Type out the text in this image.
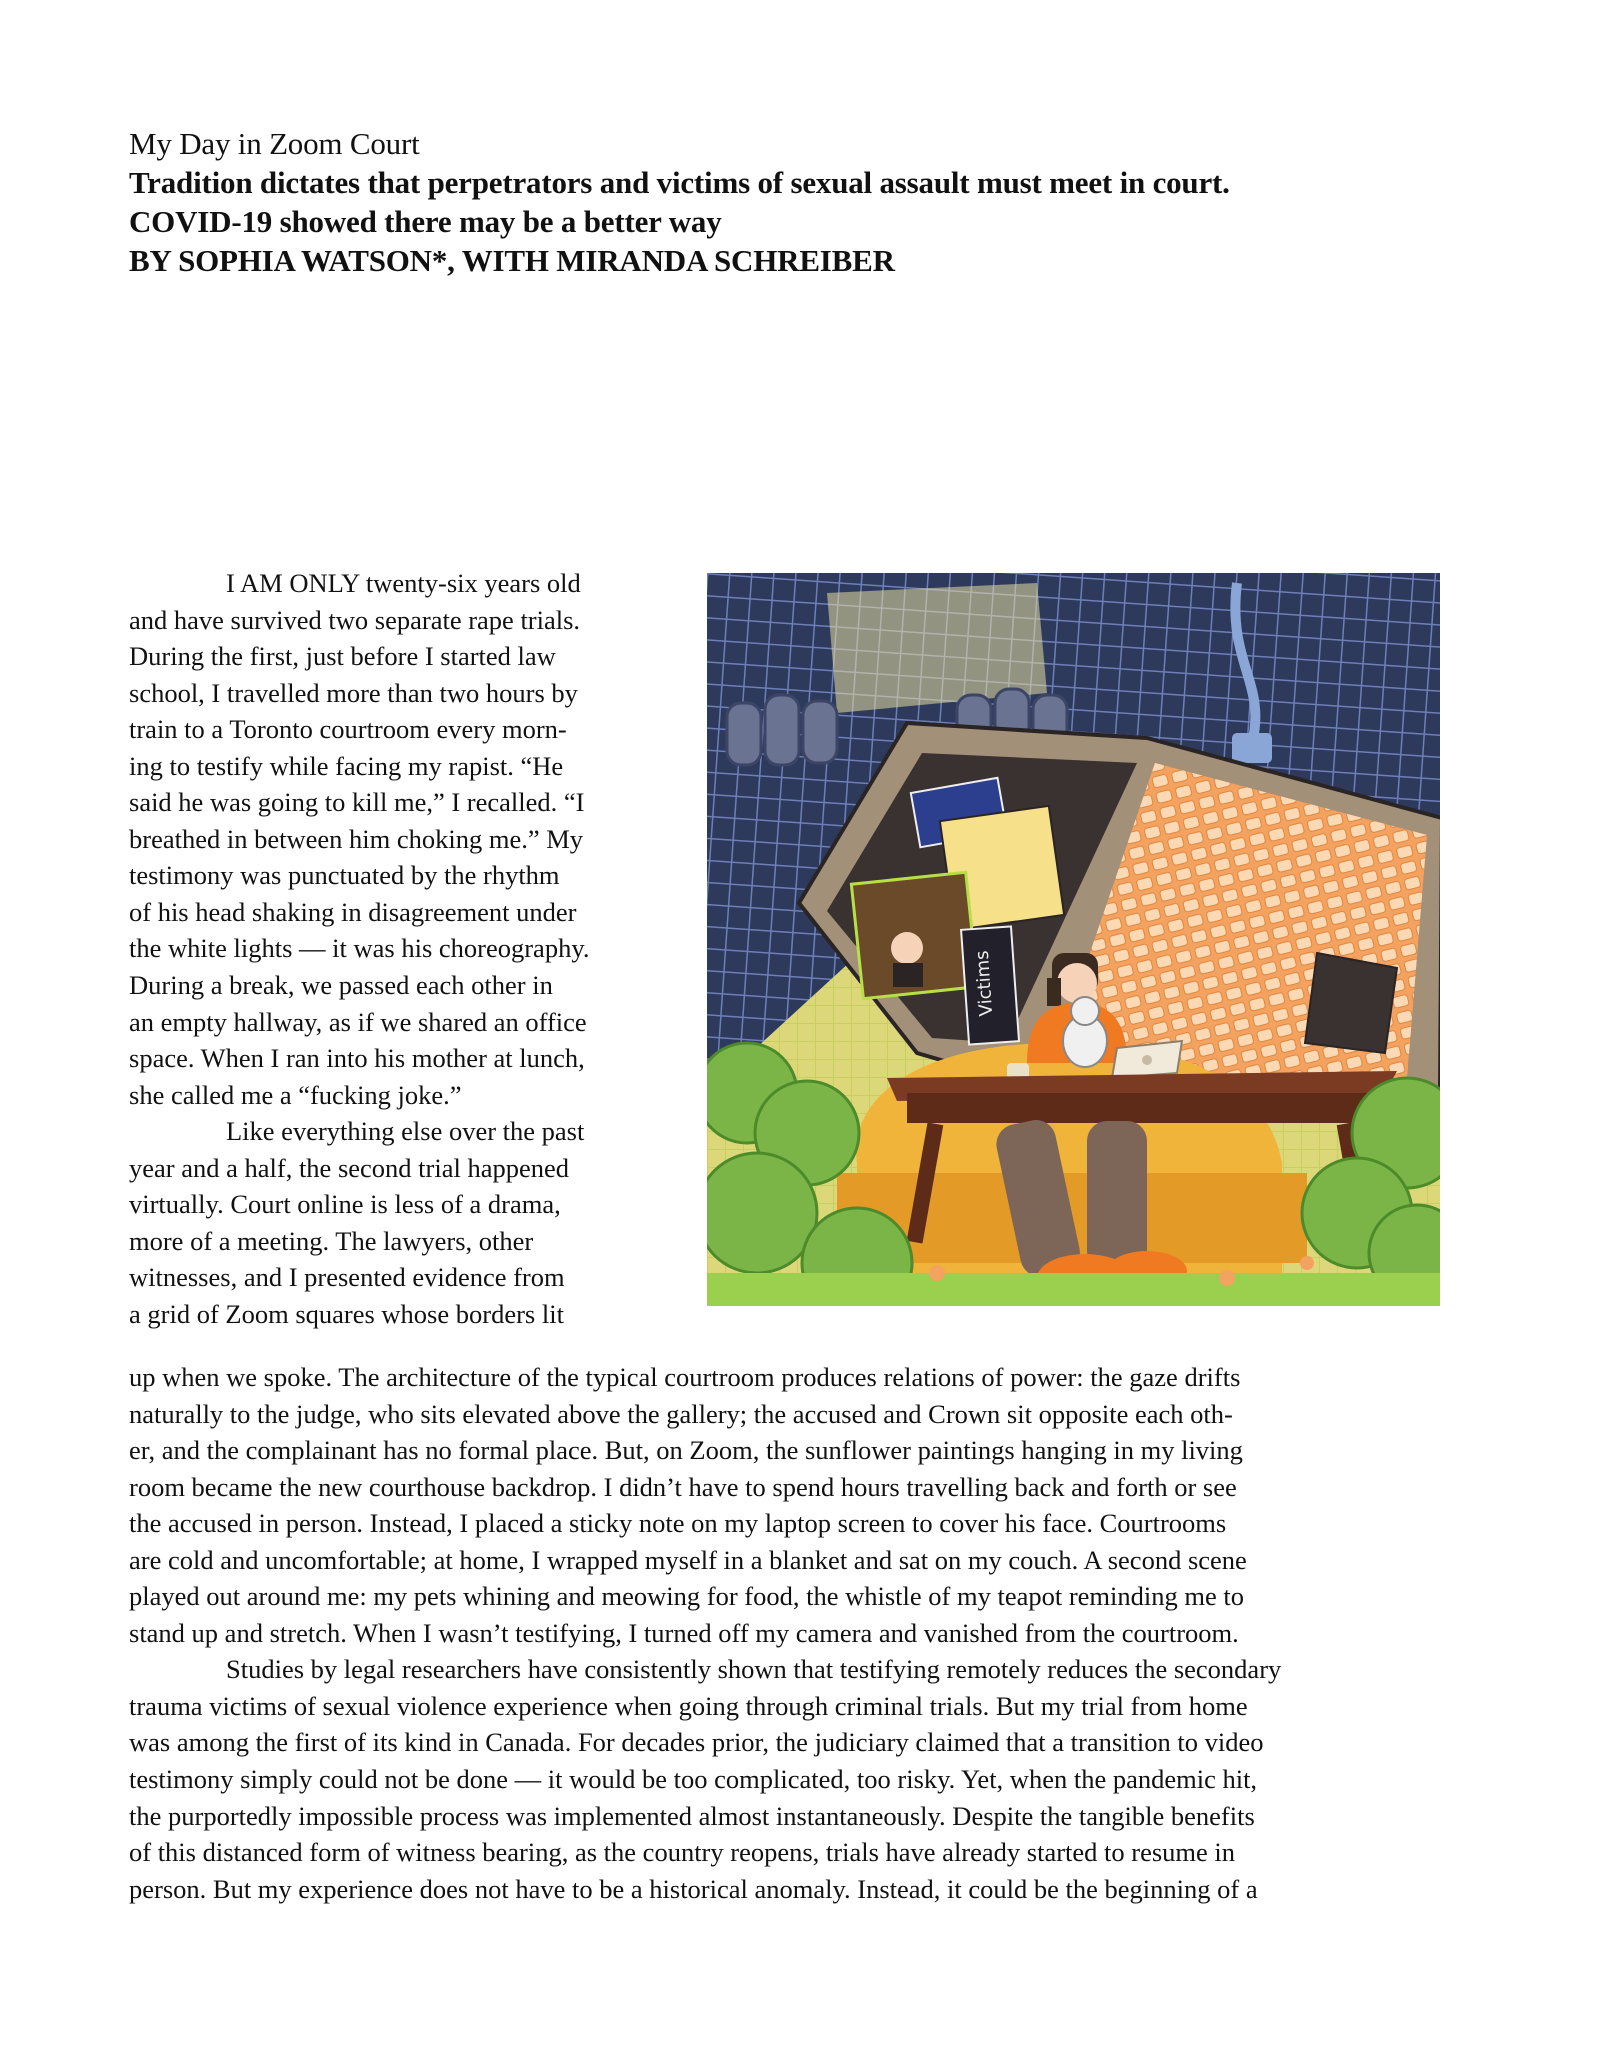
My Day in Zoom Court
Tradition dictates that perpetrators and victims of sexual assault must meet in court.
COVID-19 showed there may be a better way
BY SOPHIA WATSON*, WITH MIRANDA SCHREIBER
Victims
I AM ONLY twenty-six years old
and have survived two separate rape trials.
During the first, just before I started law
school, I travelled more than two hours by
train to a Toronto courtroom every morn-
ing to testify while facing my rapist. “He
said he was going to kill me,” I recalled. “I
breathed in between him choking me.” My
testimony was punctuated by the rhythm
of his head shaking in disagreement under
the white lights — it was his choreography.
During a break, we passed each other in
an empty hallway, as if we shared an office
space. When I ran into his mother at lunch,
she called me a “fucking joke.”
Like everything else over the past
year and a half, the second trial happened
virtually. Court online is less of a drama,
more of a meeting. The lawyers, other
witnesses, and I presented evidence from
a grid of Zoom squares whose borders lit
up when we spoke. The architecture of the typical courtroom produces relations of power: the gaze drifts
naturally to the judge, who sits elevated above the gallery; the accused and Crown sit opposite each oth-
er, and the complainant has no formal place. But, on Zoom, the sunflower paintings hanging in my living
room became the new courthouse backdrop. I didn’t have to spend hours travelling back and forth or see
the accused in person. Instead, I placed a sticky note on my laptop screen to cover his face. Courtrooms
are cold and uncomfortable; at home, I wrapped myself in a blanket and sat on my couch. A second scene
played out around me: my pets whining and meowing for food, the whistle of my teapot reminding me to
stand up and stretch. When I wasn’t testifying, I turned off my camera and vanished from the courtroom.
Studies by legal researchers have consistently shown that testifying remotely reduces the secondary
trauma victims of sexual violence experience when going through criminal trials. But my trial from home
was among the first of its kind in Canada. For decades prior, the judiciary claimed that a transition to video
testimony simply could not be done — it would be too complicated, too risky. Yet, when the pandemic hit,
the purportedly impossible process was implemented almost instantaneously. Despite the tangible benefits
of this distanced form of witness bearing, as the country reopens, trials have already started to resume in
person. But my experience does not have to be a historical anomaly. Instead, it could be the beginning of a
